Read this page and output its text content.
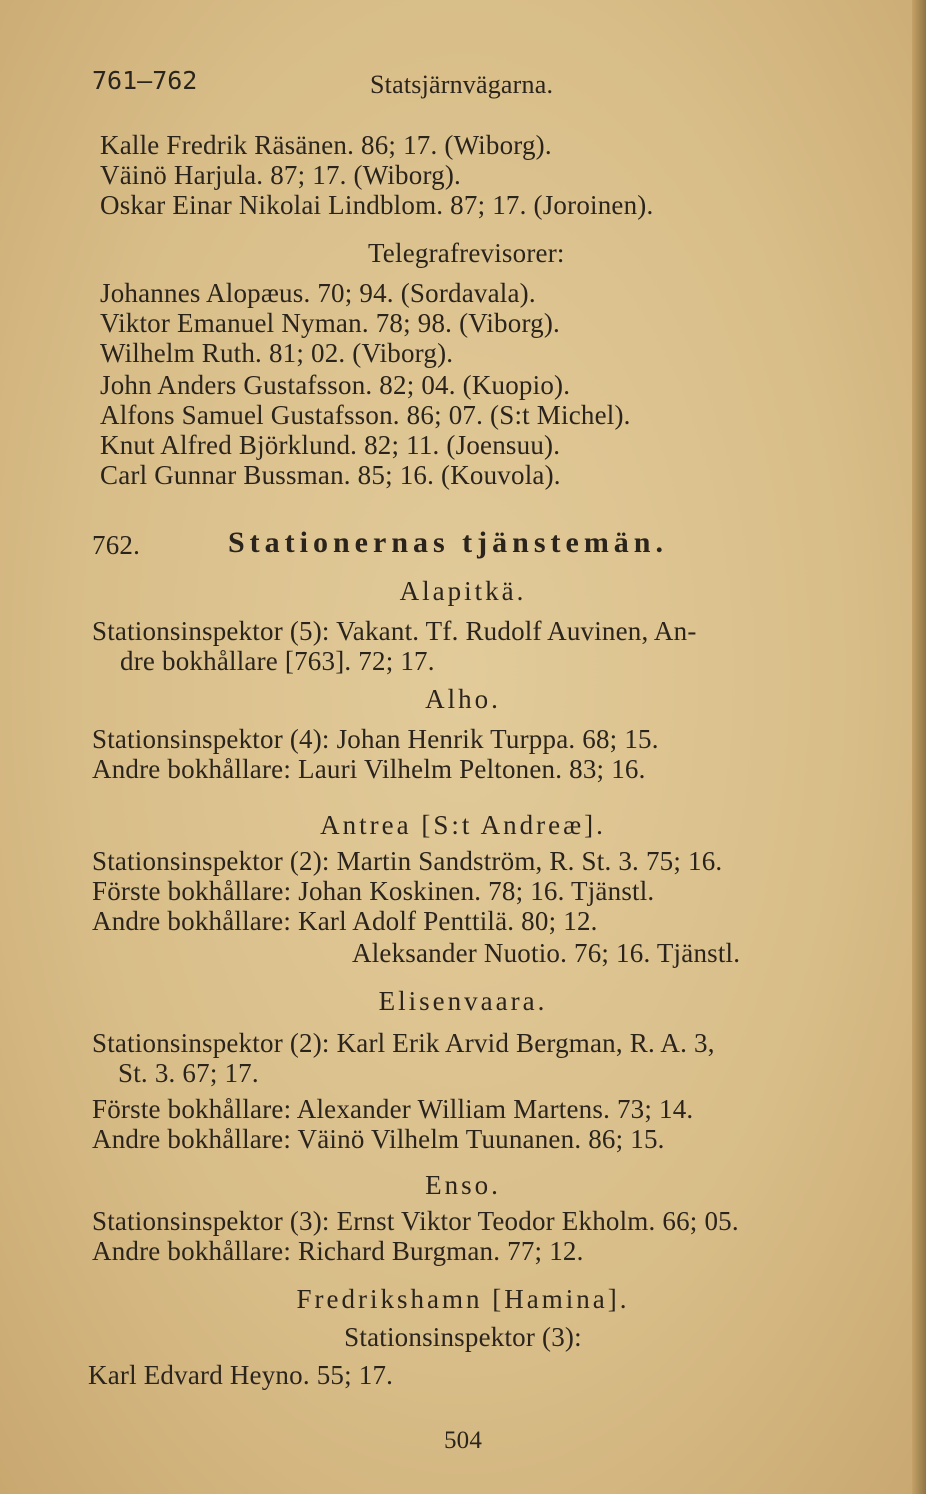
761—762	Statsjärnvägarna.
Kalle Fredrik Räsänen. 86; 17. (Wiborg).
Väinö Harjula. 87; 17. (Wiborg).
Oskar Einar Nikolai Lindblom. 87; 17. (Joroinen).
Telegrafrevisorer:
Johannes Alopæus. 70; 94. (Sordavala).
Viktor Emanuel Nyman. 78; 98. (Viborg).
Wilhelm Ruth. 81; 02. (Viborg).
John Anders Gustafsson. 82; 04. (Kuopio).
Alfons Samuel Gustafsson. 86; 07. (S:t Michel).
Knut Alfred Björklund. 82; 11. (Joensuu).
Carl Gunnar Bussman. 85; 16. (Kouvola).
762.	Stationernas tjänstemän.
Alapitkä.
Stationsinspektor (5): Vakant. Tf. Rudolf Auvinen, An-
dre bokhållare [763]. 72; 17.
Alho.
Stationsinspektor (4): Johan Henrik Turppa. 68; 15.
Andre bokhållare: Lauri Vilhelm Peltonen. 83; 16.
Antrea [S:t Andreæ].
Stationsinspektor (2): Martin Sandström, R. St. 3. 75; 16.
Förste bokhållare: Johan Koskinen. 78; 16. Tjänstl.
Andre bokhållare: Karl Adolf Penttilä. 80; 12.
Aleksander Nuotio. 76; 16. Tjänstl.
Elisenvaara.
Stationsinspektor (2): Karl Erik Arvid Bergman, R. A. 3,
St. 3. 67; 17.
Förste bokhållare: Alexander William Martens. 73; 14.
Andre bokhållare: Väinö Vilhelm Tuunanen. 86; 15.
Enso.
Stationsinspektor (3): Ernst Viktor Teodor Ekholm. 66; 05.
Andre bokhållare: Richard Burgman. 77; 12.
Fredrikshamn [Hamina].
Stationsinspektor (3):
Karl Edvard Heyno. 55; 17.
504
